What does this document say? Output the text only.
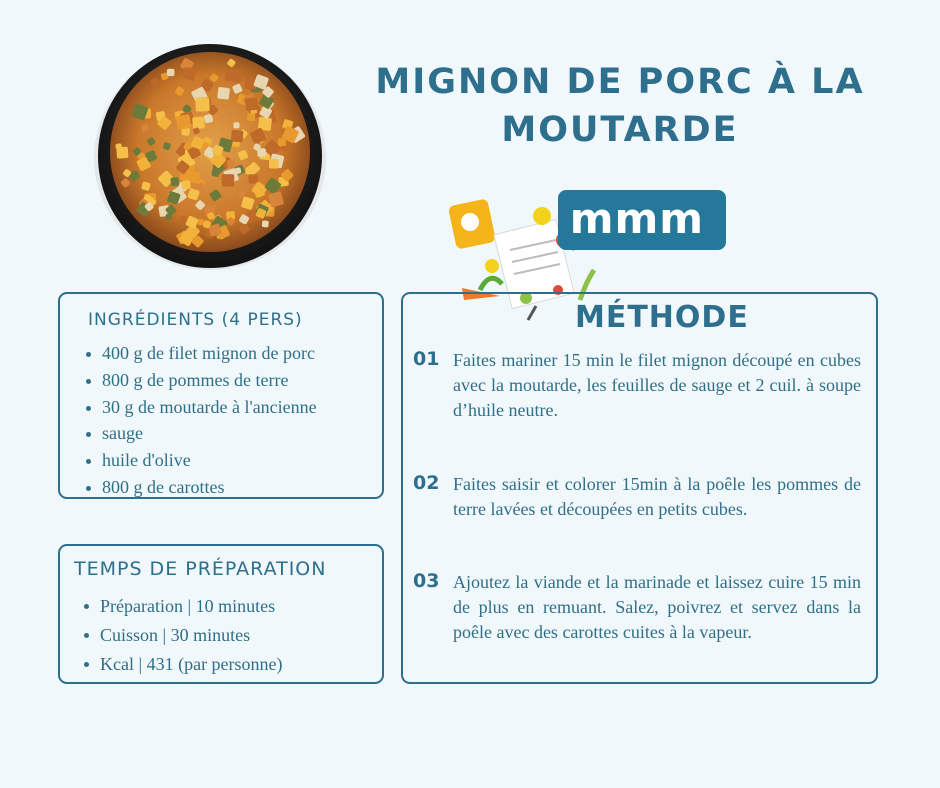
mmm
MIGNON DE PORC À LA MOUTARDE
INGRÉDIENTS (4 PERS)
400 g de filet mignon de porc
800 g de pommes de terre
30 g de moutarde à l'ancienne
sauge
huile d'olive
800 g de carottes
TEMPS DE PRÉPARATION
Préparation | 10 minutes
Cuisson | 30 minutes
Kcal | 431 (par personne)
MÉTHODE
01 Faites mariner 15 min le filet mignon découpé en cubes avec la moutarde, les feuilles de sauge et 2 cuil. à soupe d’huile neutre.
02 Faites saisir et colorer 15min à la poêle les pommes de terre lavées et découpées en petits cubes.
03 Ajoutez la viande et la marinade et laissez cuire 15 min de plus en remuant. Salez, poivrez et servez dans la poêle avec des carottes cuites à la vapeur.
